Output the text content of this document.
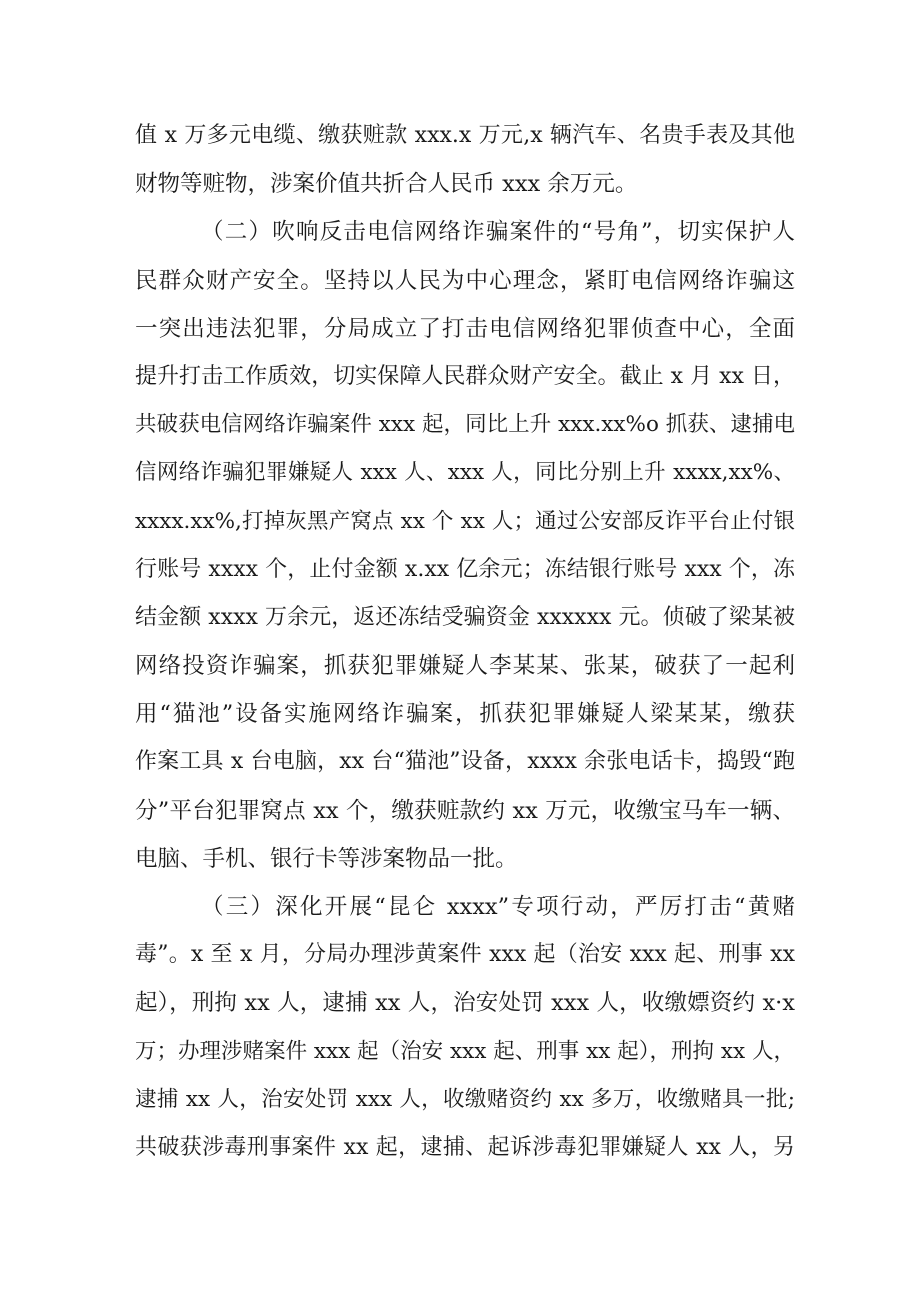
值 x 万多元电缆、缴获赃款 xxx.x 万元,x 辆汽车、名贵手表及其他
财物等赃物，涉案价值共折合人民币 xxx 余万元。
（二）吹响反击电信网络诈骗案件的“号角”，切实保护人
民群众财产安全。坚持以人民为中心理念，紧盯电信网络诈骗这
一突出违法犯罪，分局成立了打击电信网络犯罪侦查中心，全面
提升打击工作质效，切实保障人民群众财产安全。截止 x 月 xx 日，
共破获电信网络诈骗案件 xxx 起，同比上升 xxx.xx%o 抓获、逮捕电
信网络诈骗犯罪嫌疑人 xxx 人、xxx 人，同比分别上升 xxxx,xx%、
xxxx.xx%,打掉灰黑产窝点 xx 个 xx 人；通过公安部反诈平台止付银
行账号 xxxx 个，止付金额 x.xx 亿余元；冻结银行账号 xxx 个，冻
结金额 xxxx 万余元，返还冻结受骗资金 xxxxxx 元。侦破了梁某被
网络投资诈骗案，抓获犯罪嫌疑人李某某、张某，破获了一起利
用“猫池”设备实施网络诈骗案，抓获犯罪嫌疑人梁某某，缴获
作案工具 x 台电脑，xx 台“猫池”设备，xxxx 余张电话卡，捣毁“跑
分”平台犯罪窝点 xx 个，缴获赃款约 xx 万元，收缴宝马车一辆、
电脑、手机、银行卡等涉案物品一批。
（三）深化开展“昆仑 xxxx”专项行动，严厉打击“黄赌
毒”。x 至 x 月，分局办理涉黄案件 xxx 起（治安 xxx 起、刑事 xx
起），刑拘 xx 人，逮捕 xx 人，治安处罚 xxx 人，收缴嫖资约 x·x
万；办理涉赌案件 xxx 起（治安 xxx 起、刑事 xx 起），刑拘 xx 人，
逮捕 xx 人，治安处罚 xxx 人，收缴赌资约 xx 多万，收缴赌具一批;
共破获涉毒刑事案件 xx 起，逮捕、起诉涉毒犯罪嫌疑人 xx 人，另
